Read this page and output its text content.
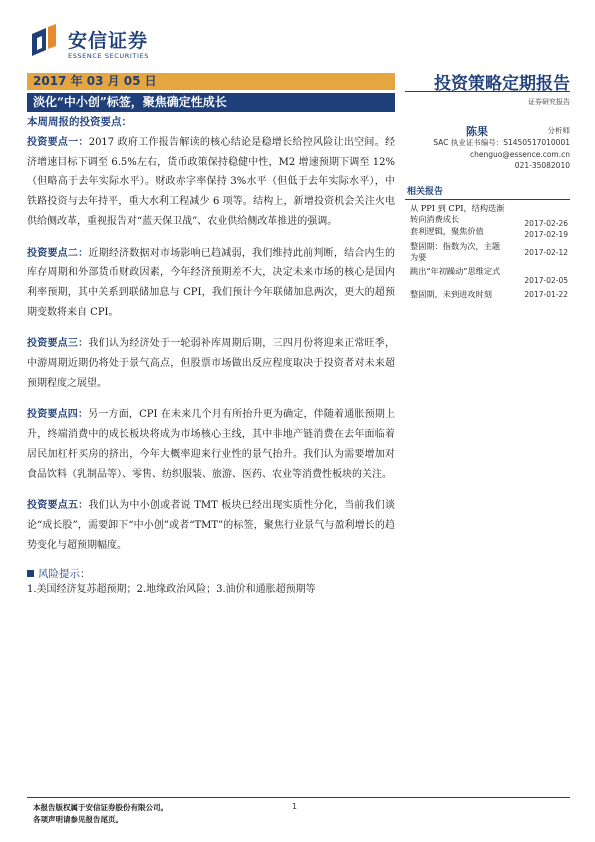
安信证券
ESSENCE SECURITIES
2017 年 03 月 05 日
淡化“中小创”标签，聚焦确定性成长
投资策略定期报告
证券研究报告
本周周报的投资要点：

投资要点一：2017 政府工作报告解读的核心结论是稳增长给控风险让出空间。经济增速目标下调至 6.5%左右，货币政策保持稳健中性，M2 增速预期下调至 12%（但略高于去年实际水平）。财政赤字率保持 3%水平（但低于去年实际水平），中铁路投资与去年持平，重大水利工程减少 6 项等。结构上，新增投资机会关注火电供给侧改革，重视报告对“蓝天保卫战”、农业供给侧改革推进的强调。

投资要点二：近期经济数据对市场影响已趋减弱，我们维持此前判断，结合内生的库存周期和外部货币财政因素，今年经济预期差不大，决定未来市场的核心是国内利率预期，其中关系到联储加息与 CPI，我们预计今年联储加息两次，更大的超预期变数将来自 CPI。

投资要点三：我们认为经济处于一轮弱补库周期后期，三四月份将迎来正常旺季，中游周期近期仍将处于景气高点，但股票市场做出反应程度取决于投资者对未来超预期程度之展望。

投资要点四：另一方面，CPI 在未来几个月有所抬升更为确定，伴随着通胀预期上升，终端消费中的成长板块将成为市场核心主线，其中非地产链消费在去年面临着居民加杠杆买房的挤出，今年大概率迎来行业性的景气抬升。我们认为需要增加对食品饮料（乳制品等）、零售、纺织服装、旅游、医药、农业等消费性板块的关注。

投资要点五：我们认为中小创或者说 TMT 板块已经出现实质性分化，当前我们谈论“成长股”，需要卸下“中小创”或者“TMT”的标签，聚焦行业景气与盈利增长的趋势变化与超预期幅度。

风险提示：
1.美国经济复苏超预期；2.地缘政治风险；3.油价和通胀超预期等
陈果	分析师
SAC 执业证书编号：S1450517010001
chenguo@essence.com.cn
021-35082010
相关报告
从 PPI 到 CPI，结构迭渐转向消费成长	2017-02-26
套利逻辑，聚焦价值	2017-02-19
整固期：指数为次，主题为要	2017-02-12
跳出“年初躁动”思维定式
2017-02-05
整固期，未到进攻时刻	2017-01-22
本报告版权属于安信证券股份有限公司。
各项声明请参见报告尾页。
1
